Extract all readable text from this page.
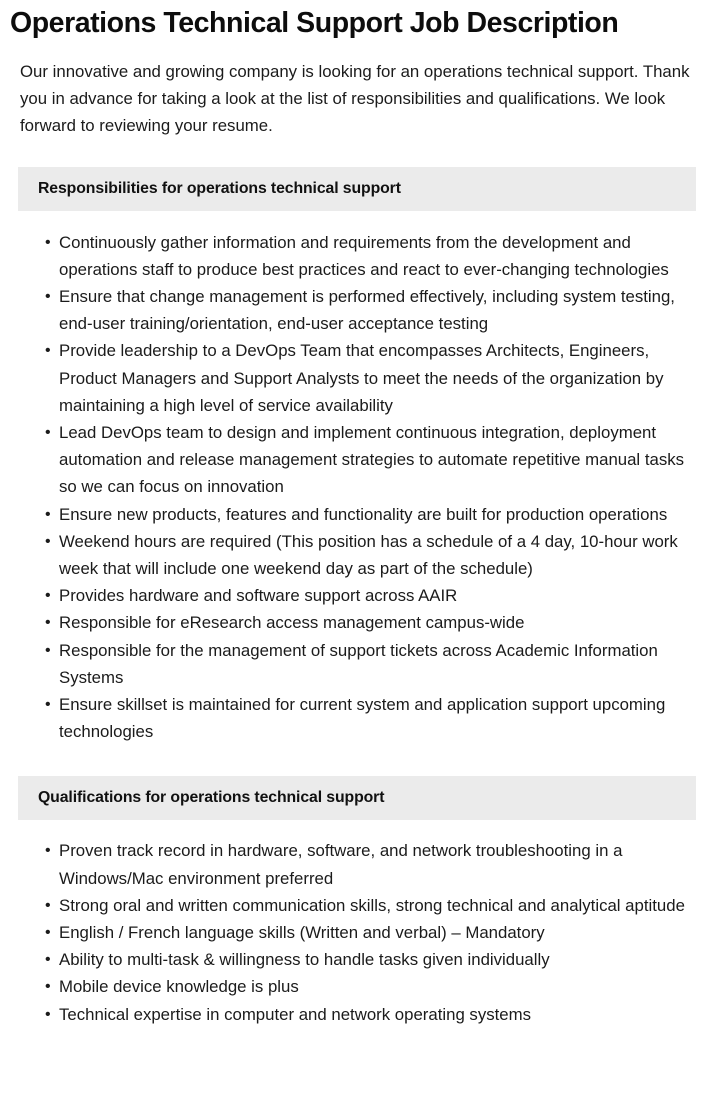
Operations Technical Support Job Description

Our innovative and growing company is looking for an operations technical support. Thank you in advance for taking a look at the list of responsibilities and qualifications. We look forward to reviewing your resume.

Responsibilities for operations technical support
• Continuously gather information and requirements from the development and operations staff to produce best practices and react to ever-changing technologies
• Ensure that change management is performed effectively, including system testing, end-user training/orientation, end-user acceptance testing
• Provide leadership to a DevOps Team that encompasses Architects, Engineers, Product Managers and Support Analysts to meet the needs of the organization by maintaining a high level of service availability
• Lead DevOps team to design and implement continuous integration, deployment automation and release management strategies to automate repetitive manual tasks so we can focus on innovation
• Ensure new products, features and functionality are built for production operations
• Weekend hours are required (This position has a schedule of a 4 day, 10-hour work week that will include one weekend day as part of the schedule)
• Provides hardware and software support across AAIR
• Responsible for eResearch access management campus-wide
• Responsible for the management of support tickets across Academic Information Systems
• Ensure skillset is maintained for current system and application support upcoming technologies
Qualifications for operations technical support
• Proven track record in hardware, software, and network troubleshooting in a Windows/Mac environment preferred
• Strong oral and written communication skills, strong technical and analytical aptitude
• English / French language skills (Written and verbal) – Mandatory
• Ability to multi-task & willingness to handle tasks given individually
• Mobile device knowledge is plus
• Technical expertise in computer and network operating systems
